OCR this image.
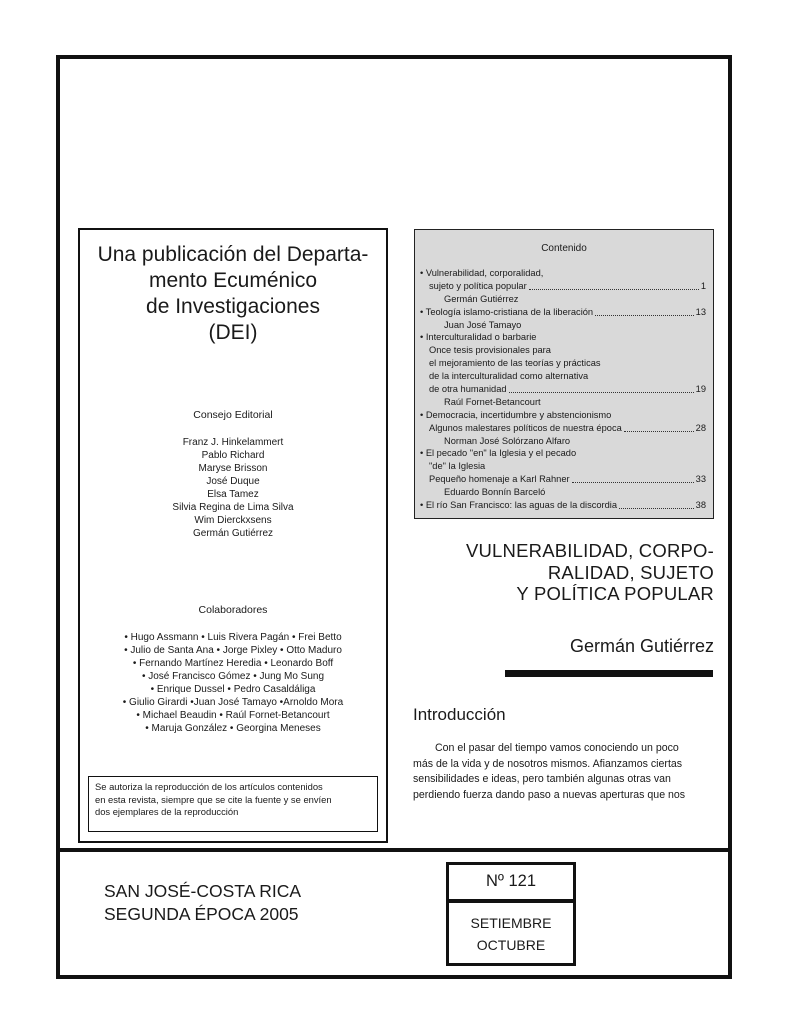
Una publicación del Departa-
mento Ecuménico
de Investigaciones
(DEI)
Consejo Editorial
Franz J. Hinkelammert
Pablo Richard
Maryse Brisson
José Duque
Elsa Tamez
Silvia Regina de Lima Silva
Wim Dierckxsens
Germán Gutiérrez
Colaboradores
• Hugo Assmann • Luis Rivera Pagán • Frei Betto
• Julio de Santa Ana • Jorge Pixley • Otto Maduro
• Fernando Martínez Heredia • Leonardo Boff
• José Francisco Gómez • Jung Mo Sung
• Enrique Dussel • Pedro Casaldáliga
• Giulio Girardi •Juan José Tamayo •Arnoldo Mora
• Michael Beaudin • Raúl Fornet-Betancourt
• Maruja González • Georgina Meneses
Se autoriza la reproducción de los artículos contenidos
en esta revista, siempre que se cite la fuente y se envíen
dos ejemplares de la reproducción
Contenido
• Vulnerabilidad, corporalidad,
sujeto y política popular	1
Germán Gutiérrez
• Teología islamo-cristiana de la liberación	13
Juan José Tamayo
• Interculturalidad o barbarie
Once tesis provisionales para
el mejoramiento de las teorías y prácticas
de la interculturalidad como alternativa
de otra humanidad	19
Raúl Fornet-Betancourt
• Democracia, incertidumbre y abstencionismo
Algunos malestares políticos de nuestra época	28
Norman José Solórzano Alfaro
• El pecado "en" la Iglesia y el pecado
"de" la Iglesia
Pequeño homenaje a Karl Rahner	33
Eduardo Bonnín Barceló
• El río San Francisco: las aguas de la discordia	38
VULNERABILIDAD, CORPO-
RALIDAD, SUJETO
Y POLÍTICA POPULAR
Germán Gutiérrez
Introducción
Con el pasar del tiempo vamos conociendo un poco
más de la vida y de nosotros mismos. Afianzamos ciertas
sensibilidades e ideas, pero también algunas otras van
perdiendo fuerza dando paso a nuevas aperturas que nos
SAN JOSÉ-COSTA RICA
SEGUNDA ÉPOCA 2005
Nº 121
SETIEMBRE
OCTUBRE
